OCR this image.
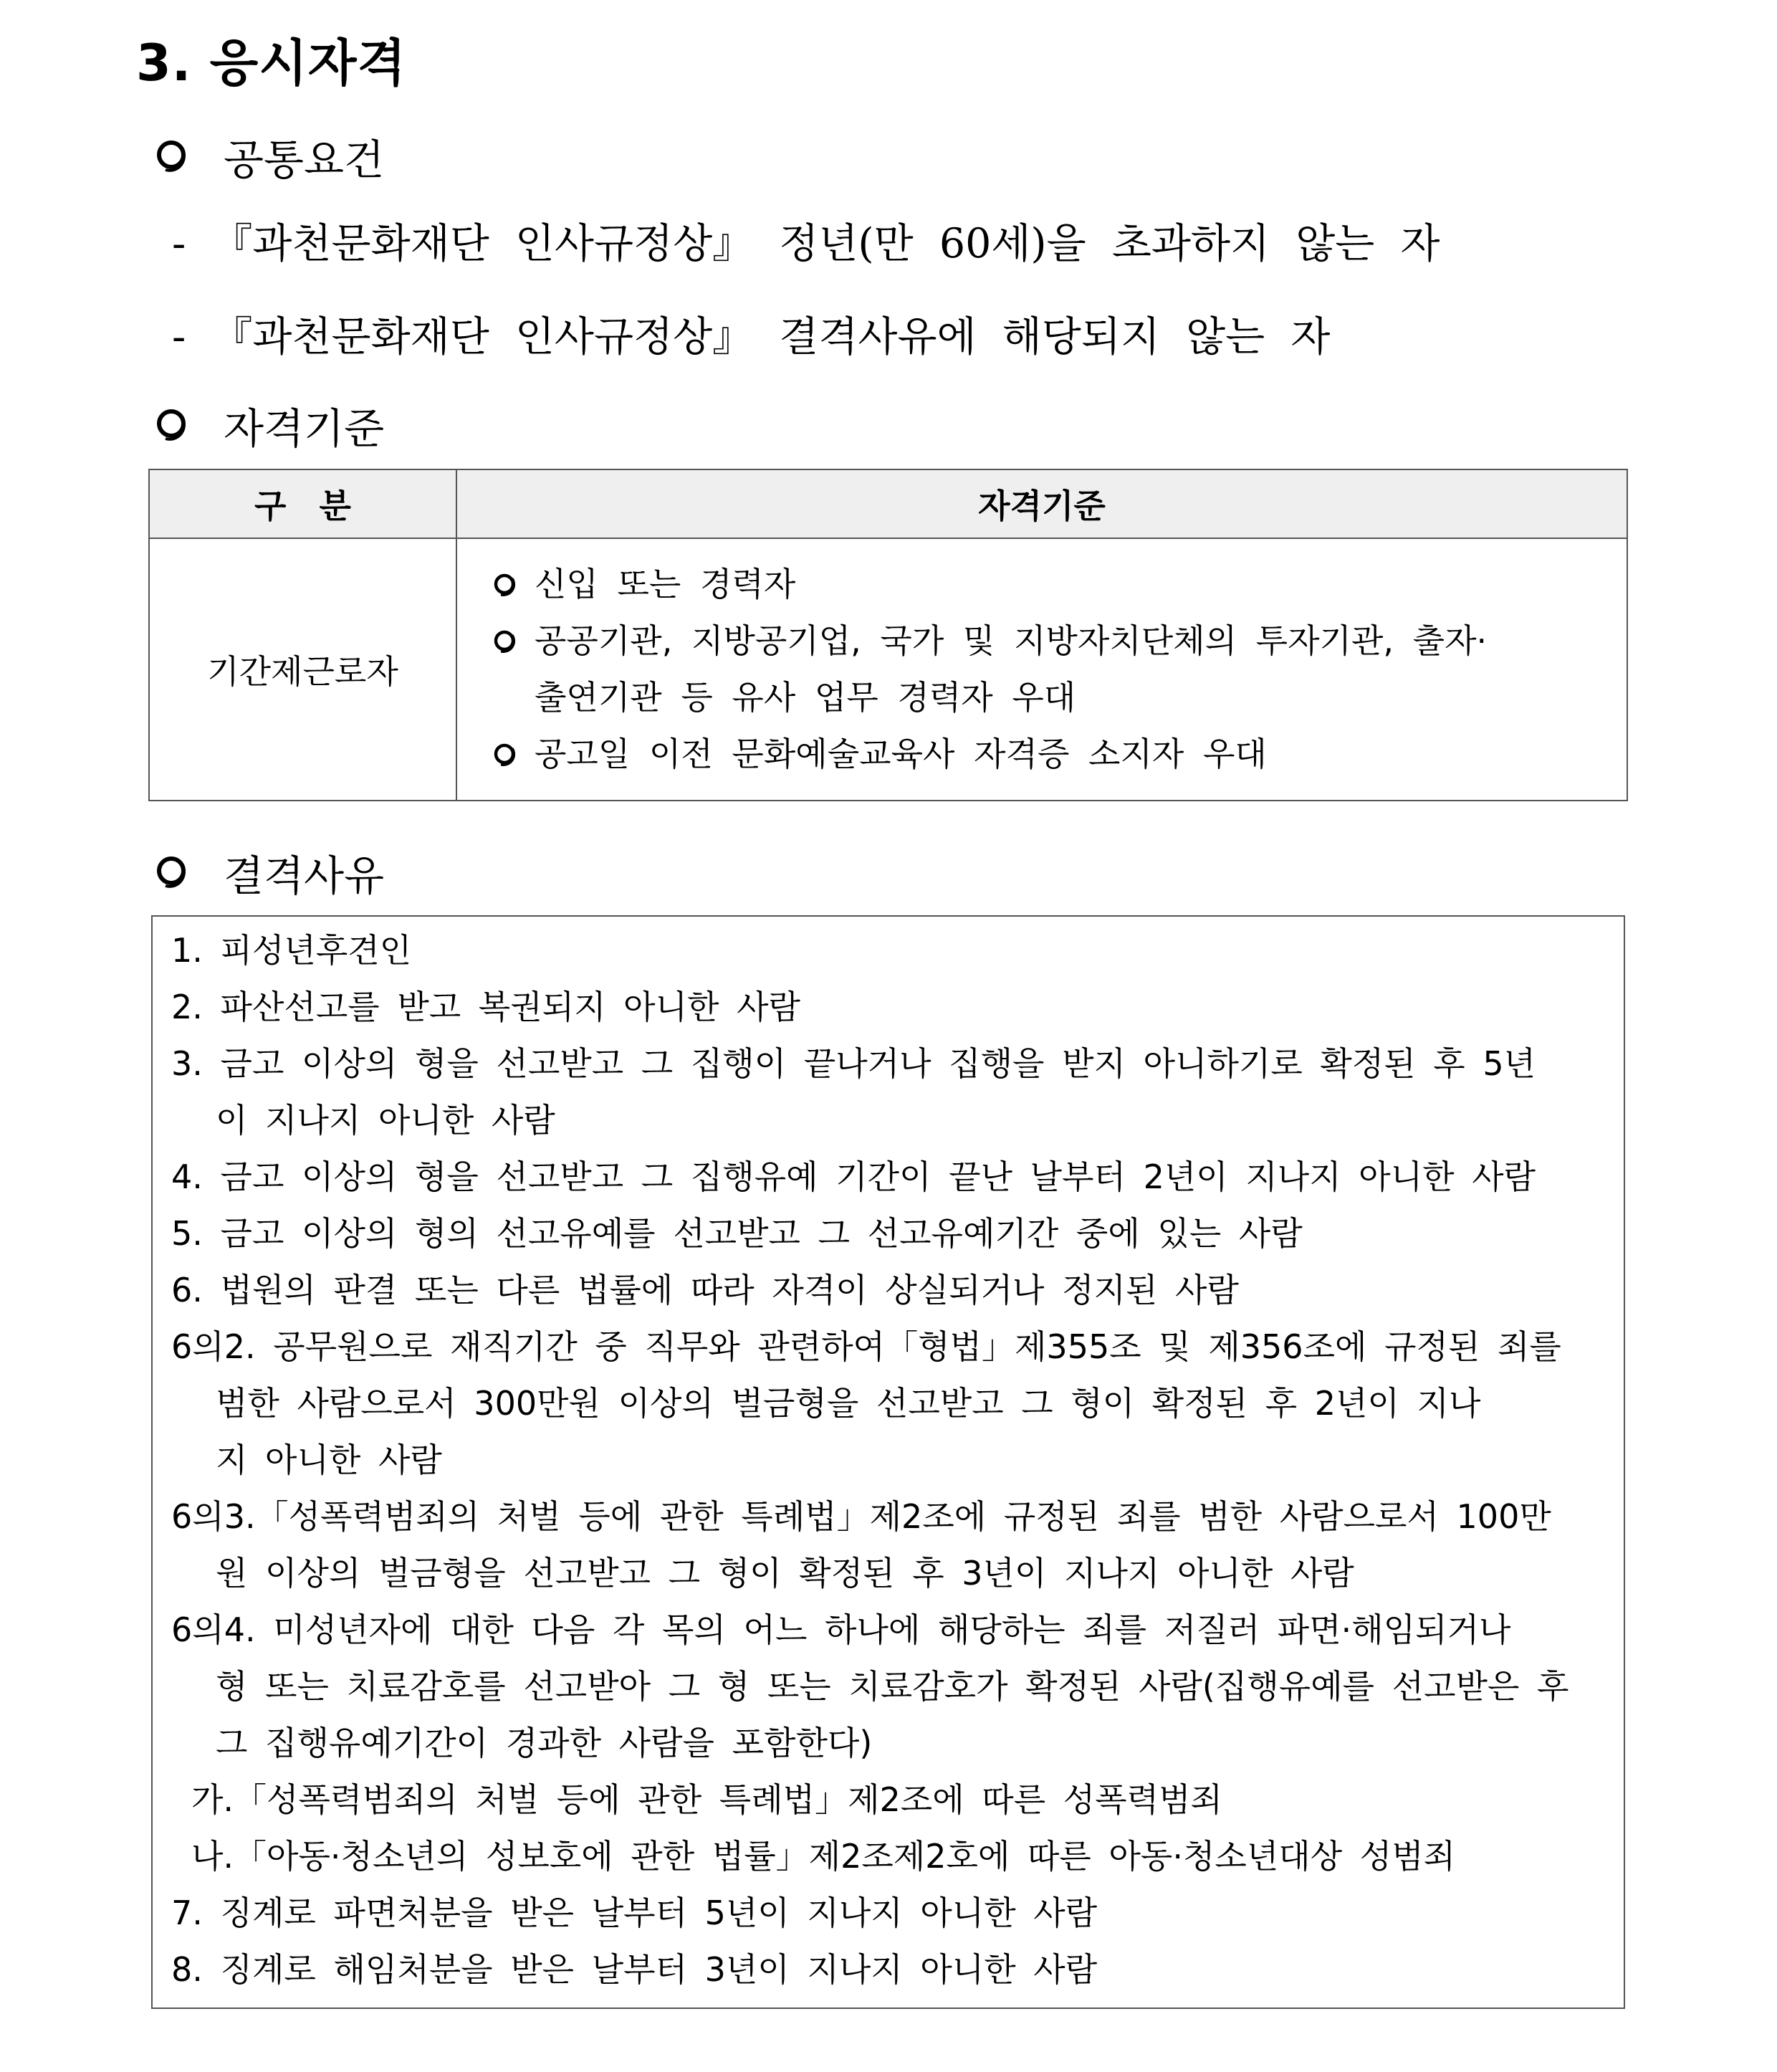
3. 응시자격
공통요건
- 『과천문화재단 인사규정상』 정년(만 60세)을 초과하지 않는 자
- 『과천문화재단 인사규정상』 결격사유에 해당되지 않는 자
자격기준
구 분	자격기준
기간제근로자	신입 또는 경력자
공공기관, 지방공기업, 국가 및 지방자치단체의 투자기관, 출자·출연기관 등 유사 업무 경력자 우대
공고일 이전 문화예술교육사 자격증 소지자 우대
결격사유
1. 피성년후견인
2. 파산선고를 받고 복권되지 아니한 사람
3. 금고 이상의 형을 선고받고 그 집행이 끝나거나 집행을 받지 아니하기로 확정된 후 5년
이 지나지 아니한 사람
4. 금고 이상의 형을 선고받고 그 집행유예 기간이 끝난 날부터 2년이 지나지 아니한 사람
5. 금고 이상의 형의 선고유예를 선고받고 그 선고유예기간 중에 있는 사람
6. 법원의 판결 또는 다른 법률에 따라 자격이 상실되거나 정지된 사람
6의2. 공무원으로 재직기간 중 직무와 관련하여「형법」제355조 및 제356조에 규정된 죄를
범한 사람으로서 300만원 이상의 벌금형을 선고받고 그 형이 확정된 후 2년이 지나
지 아니한 사람
6의3.「성폭력범죄의 처벌 등에 관한 특례법」제2조에 규정된 죄를 범한 사람으로서 100만
원 이상의 벌금형을 선고받고 그 형이 확정된 후 3년이 지나지 아니한 사람
6의4. 미성년자에 대한 다음 각 목의 어느 하나에 해당하는 죄를 저질러 파면·해임되거나
형 또는 치료감호를 선고받아 그 형 또는 치료감호가 확정된 사람(집행유예를 선고받은 후
그 집행유예기간이 경과한 사람을 포함한다)
가.「성폭력범죄의 처벌 등에 관한 특례법」제2조에 따른 성폭력범죄
나.「아동·청소년의 성보호에 관한 법률」제2조제2호에 따른 아동·청소년대상 성범죄
7. 징계로 파면처분을 받은 날부터 5년이 지나지 아니한 사람
8. 징계로 해임처분을 받은 날부터 3년이 지나지 아니한 사람
